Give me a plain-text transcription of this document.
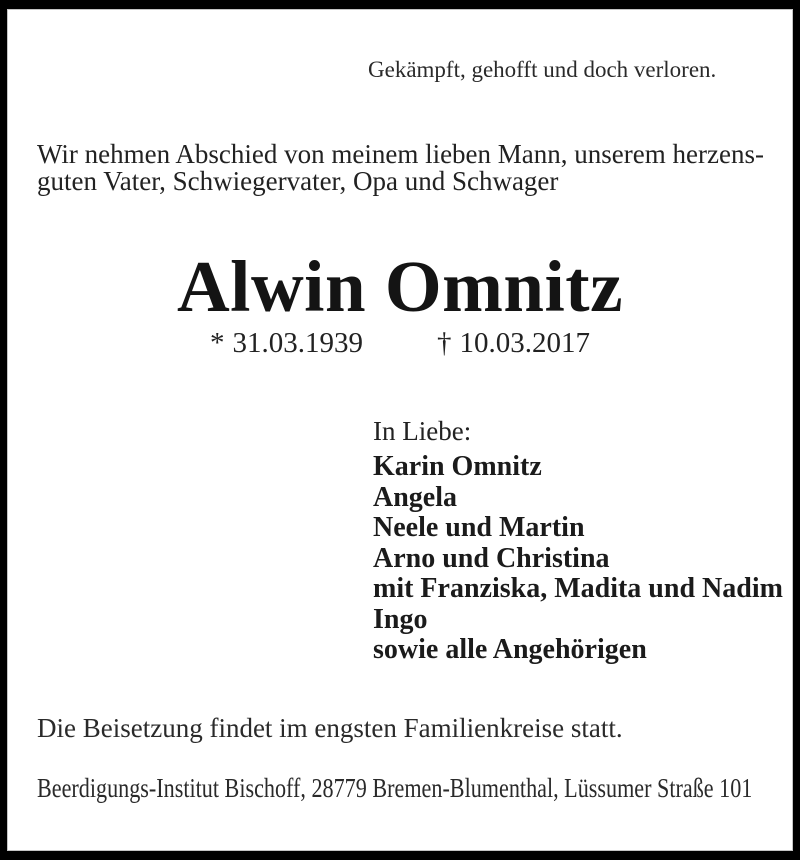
Gekämpft, gehofft und doch verloren.
Wir nehmen Abschied von meinem lieben Mann, unserem herzens-
guten Vater, Schwiegervater, Opa und Schwager
Alwin Omnitz
* 31.03.1939	† 10.03.2017
In Liebe:
Karin Omnitz
Angela
Neele und Martin
Arno und Christina
mit Franziska, Madita und Nadim
Ingo
sowie alle Angehörigen
Die Beisetzung findet im engsten Familienkreise statt.
Beerdigungs-Institut Bischoff, 28779 Bremen-Blumenthal, Lüssumer Straße 101
